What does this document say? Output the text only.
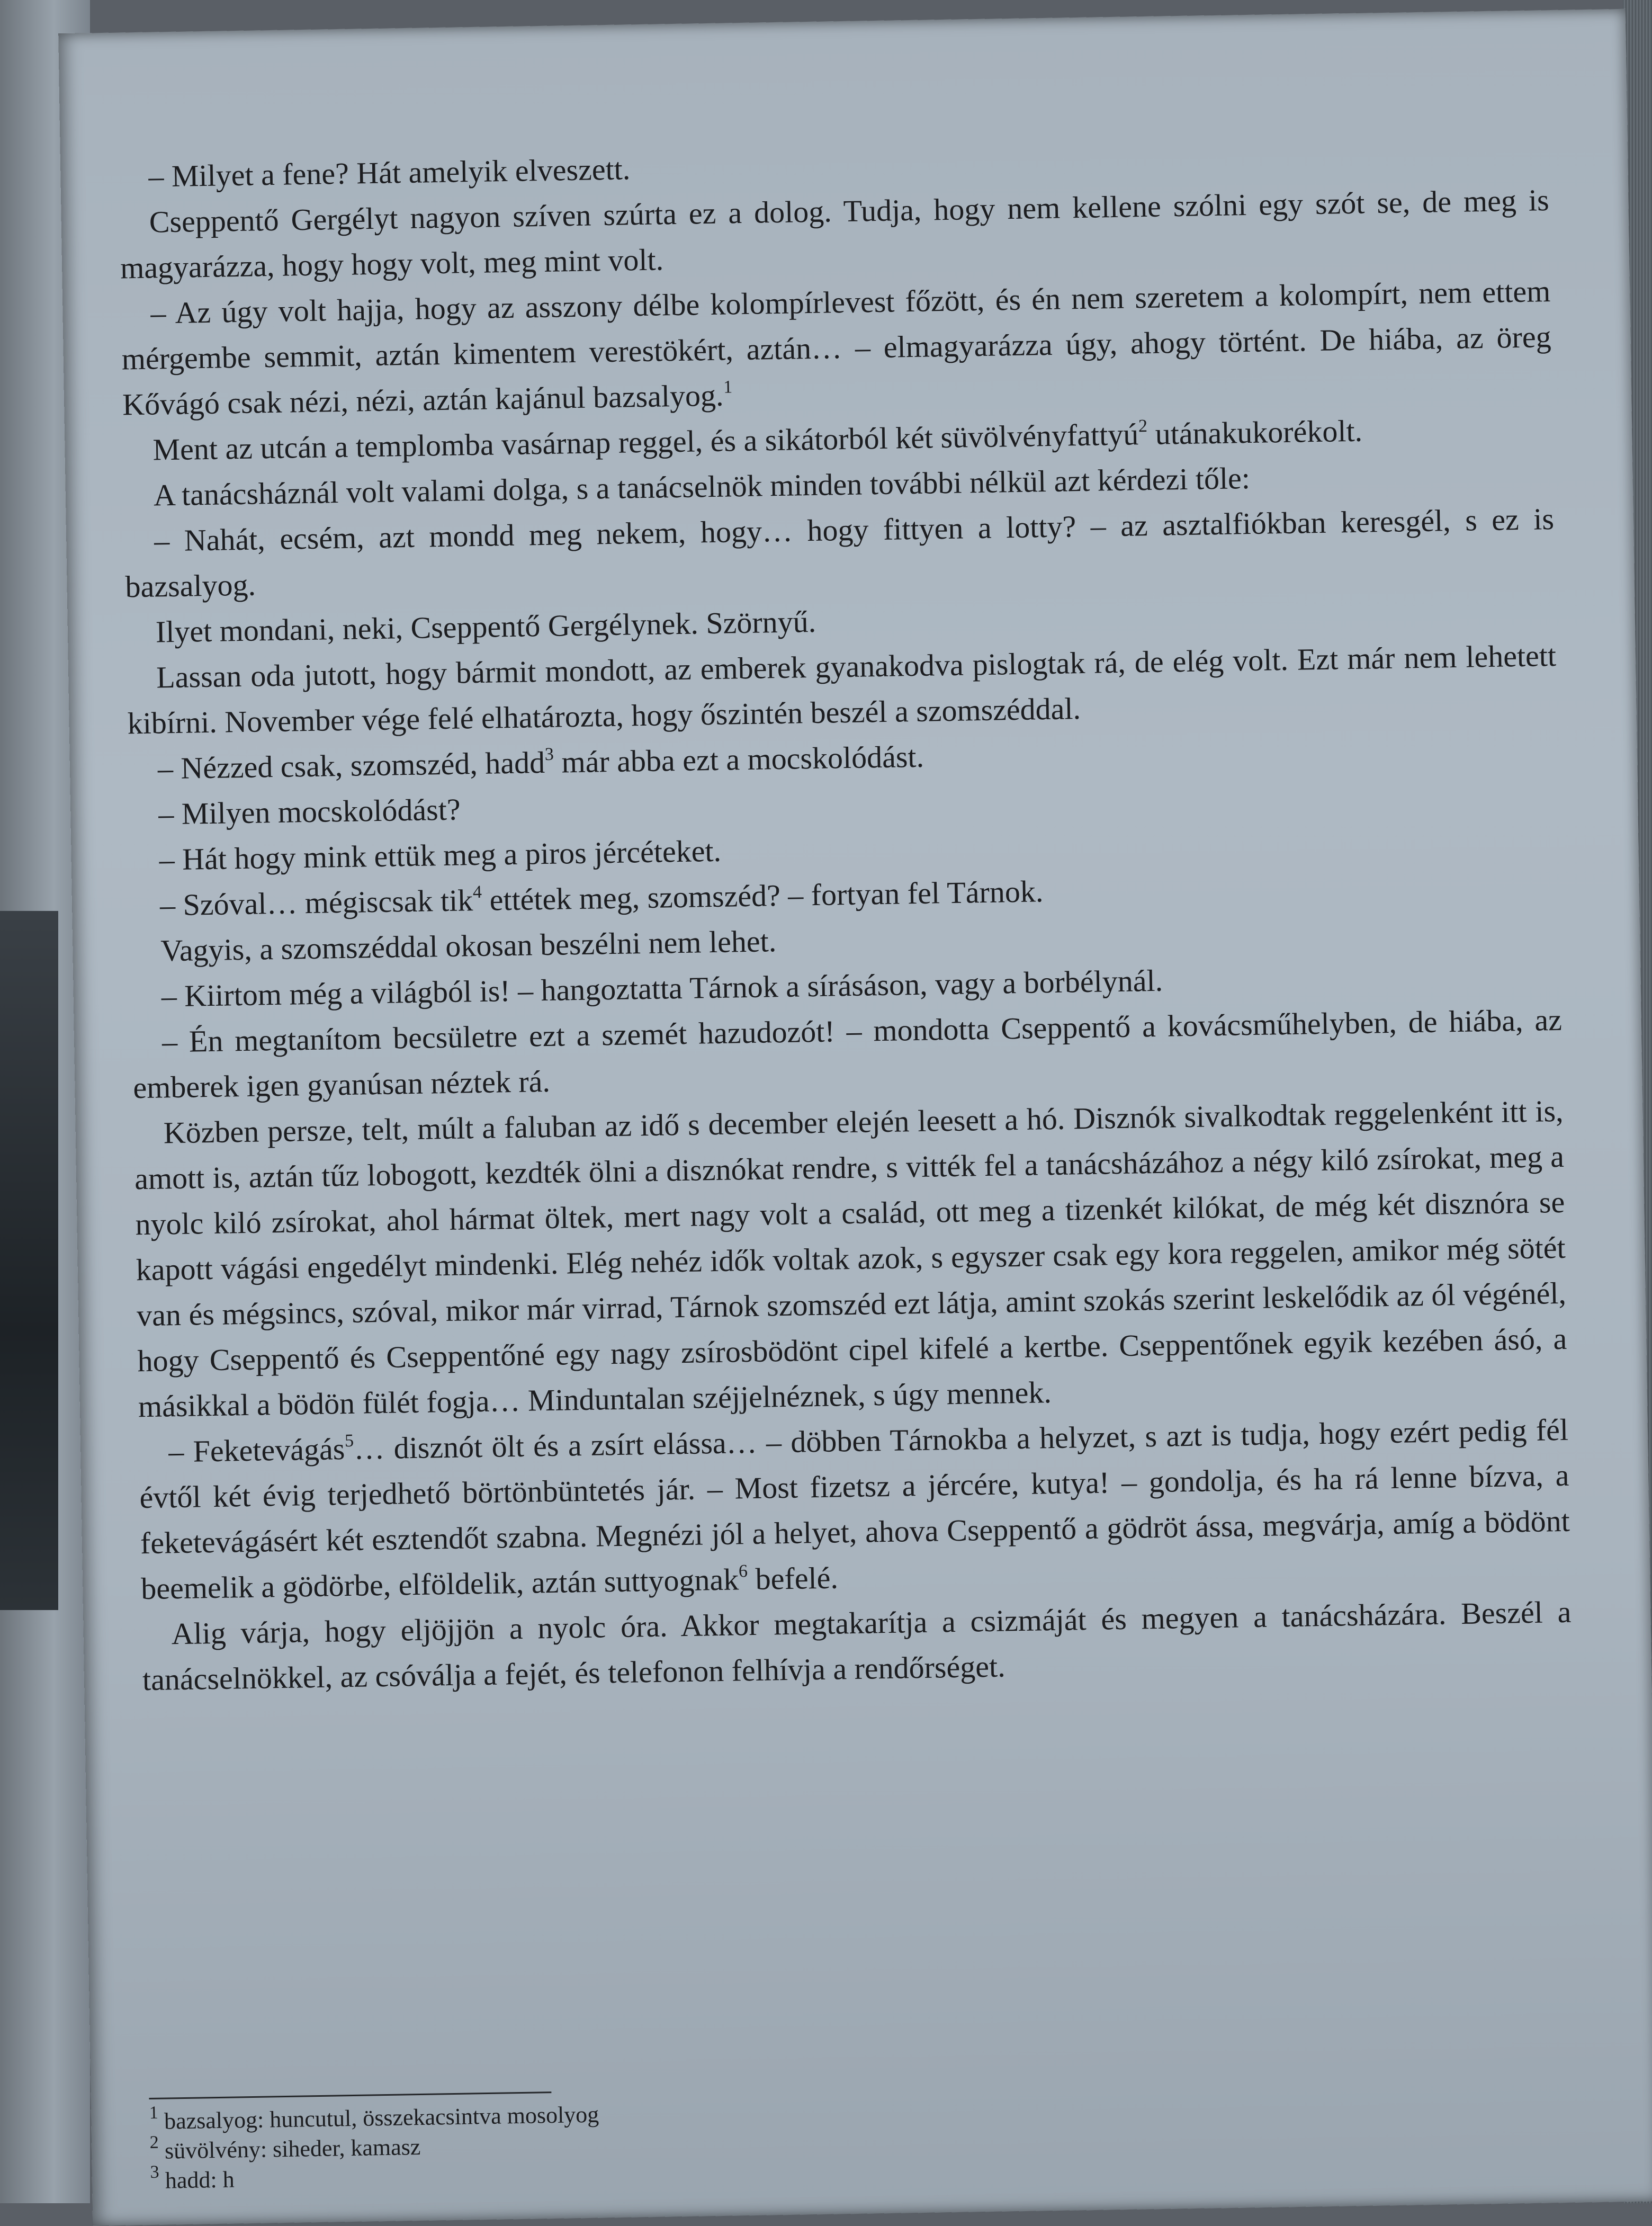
– Milyet a fene? Hát amelyik elveszett.

Cseppentő Gergélyt nagyon szíven szúrta ez a dolog. Tudja, hogy nem kellene szólni egy szót se, de meg is magyarázza, hogy hogy volt, meg mint volt.

– Az úgy volt hajja, hogy az asszony délbe kolompírlevest főzött, és én nem szeretem a kolompírt, nem ettem mérgembe semmit, aztán kimentem verestökért, aztán… – elmagyarázza úgy, ahogy történt. De hiába, az öreg Kővágó csak nézi, nézi, aztán kajánul bazsalyog.$^1$

Ment az utcán a templomba vasárnap reggel, és a sikátorból két süvölvényfattyú$^2$ utánakukorékolt.

A tanácsháznál volt valami dolga, s a tanácselnök minden további nélkül azt kérdezi tőle:

– Nahát, ecsém, azt mondd meg nekem, hogy… hogy fittyen a lotty? – az asztalfiókban keresgél, s ez is bazsalyog.

Ilyet mondani, neki, Cseppentő Gergélynek. Szörnyű.

Lassan oda jutott, hogy bármit mondott, az emberek gyanakodva pislogtak rá, de elég volt. Ezt már nem lehetett kibírni. November vége felé elhatározta, hogy őszintén beszél a szomszéddal.

– Nézzed csak, szomszéd, hadd$^3$ már abba ezt a mocskolódást.

– Milyen mocskolódást?

– Hát hogy mink ettük meg a piros jércéteket.

– Szóval… mégiscsak tik$^4$ ettétek meg, szomszéd? – fortyan fel Tárnok.

Vagyis, a szomszéddal okosan beszélni nem lehet.

– Kiirtom még a világból is! – hangoztatta Tárnok a sírásáson, vagy a borbélynál.

– Én megtanítom becsületre ezt a szemét hazudozót! – mondotta Cseppentő a kovácsműhelyben, de hiába, az emberek igen gyanúsan néztek rá.

Közben persze, telt, múlt a faluban az idő s december elején leesett a hó. Disznók sivalkodtak reggelenként itt is, amott is, aztán tűz lobogott, kezdték ölni a disznókat rendre, s vitték fel a tanácsházához a négy kiló zsírokat, meg a nyolc kiló zsírokat, ahol hármat öltek, mert nagy volt a család, ott meg a tizenkét kilókat, de még két disznóra se kapott vágási engedélyt mindenki. Elég nehéz idők voltak azok, s egyszer csak egy kora reggelen, amikor még sötét van és mégsincs, szóval, mikor már virrad, Tárnok szomszéd ezt látja, amint szokás szerint leskelődik az ól végénél, hogy Cseppentő és Cseppentőné egy nagy zsírosbödönt cipel kifelé a kertbe. Cseppentőnek egyik kezében ásó, a másikkal a bödön fülét fogja… Minduntalan széjjelnéznek, s úgy mennek.

– Feketevágás$^5$… disznót ölt és a zsírt elássa… – döbben Tárnokba a helyzet, s azt is tudja, hogy ezért pedig fél évtől két évig terjedhető börtönbüntetés jár. – Most fizetsz a jércére, kutya! – gondolja, és ha rá lenne bízva, a feketevágásért két esztendőt szabna. Megnézi jól a helyet, ahova Cseppentő a gödröt ássa, megvárja, amíg a bödönt beemelik a gödörbe, elföldelik, aztán suttyognak$^6$ befelé.

Alig várja, hogy eljöjjön a nyolc óra. Akkor megtakarítja a csizmáját és megyen a tanácsházára. Beszél a tanácselnökkel, az csóválja a fejét, és telefonon felhívja a rendőrséget.

$^1$ bazsalyog: huncutul, összekacsintva mosolyog

$^2$ süvölvény: siheder, kamasz

$^3$ hadd: h
